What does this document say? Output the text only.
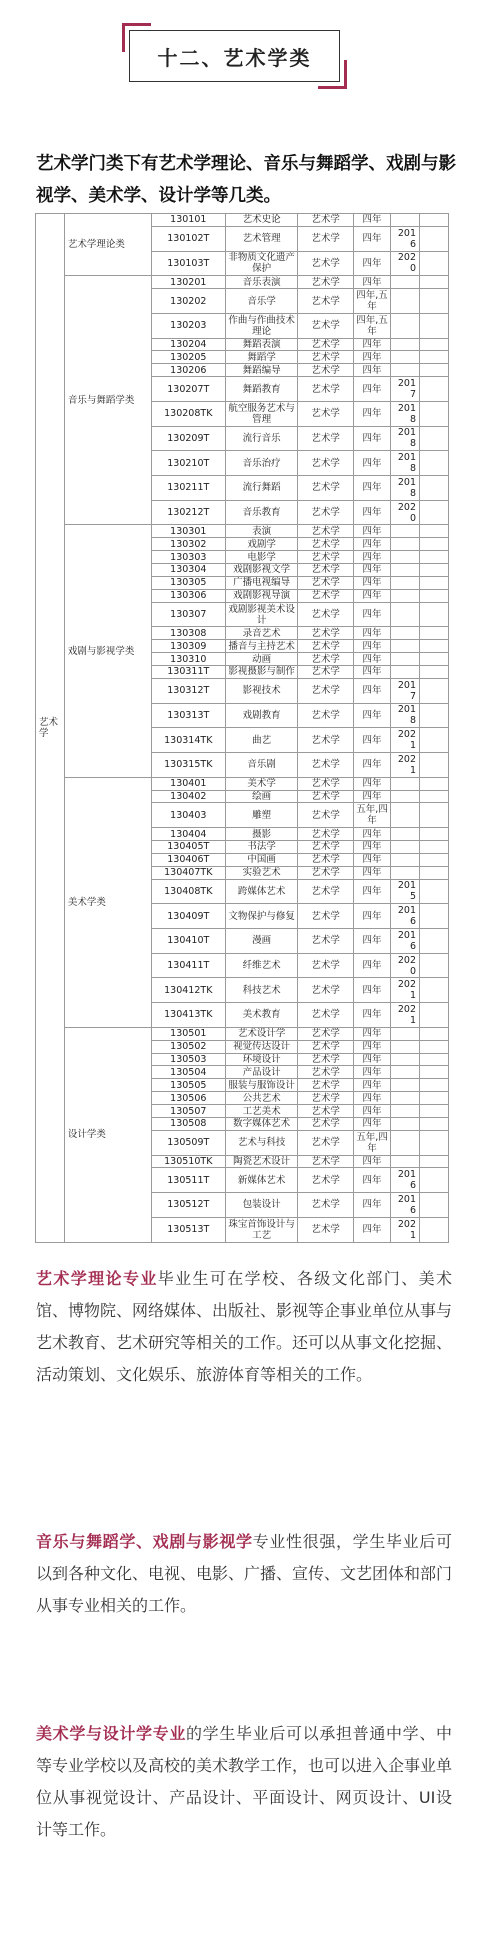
十二、艺术学类
艺术学门类下有艺术学理论、音乐与舞蹈学、戏剧与影视学、美术学、设计学等几类。
艺术学	艺术学理论类	130101	艺术史论	艺术学	四年		
		130102T	艺术管理	艺术学	四年	2016	
		130103T	非物质文化遗产保护	艺术学	四年	2020	
	音乐与舞蹈学类	130201	音乐表演	艺术学	四年		
		130202	音乐学	艺术学	四年,五年		
		130203	作曲与作曲技术理论	艺术学	四年,五年		
		130204	舞蹈表演	艺术学	四年		
		130205	舞蹈学	艺术学	四年		
		130206	舞蹈编导	艺术学	四年		
		130207T	舞蹈教育	艺术学	四年	2017	
		130208TK	航空服务艺术与管理	艺术学	四年	2018	
		130209T	流行音乐	艺术学	四年	2018	
		130210T	音乐治疗	艺术学	四年	2018	
		130211T	流行舞蹈	艺术学	四年	2018	
		130212T	音乐教育	艺术学	四年	2020	
	戏剧与影视学类	130301	表演	艺术学	四年		
		130302	戏剧学	艺术学	四年		
		130303	电影学	艺术学	四年		
		130304	戏剧影视文学	艺术学	四年		
		130305	广播电视编导	艺术学	四年		
		130306	戏剧影视导演	艺术学	四年		
		130307	戏剧影视美术设计	艺术学	四年		
		130308	录音艺术	艺术学	四年		
		130309	播音与主持艺术	艺术学	四年		
		130310	动画	艺术学	四年		
		130311T	影视摄影与制作	艺术学	四年		
		130312T	影视技术	艺术学	四年	2017	
		130313T	戏剧教育	艺术学	四年	2018	
		130314TK	曲艺	艺术学	四年	2021	
		130315TK	音乐剧	艺术学	四年	2021	
	美术学类	130401	美术学	艺术学	四年		
		130402	绘画	艺术学	四年		
		130403	雕塑	艺术学	五年,四年		
		130404	摄影	艺术学	四年		
		130405T	书法学	艺术学	四年		
		130406T	中国画	艺术学	四年		
		130407TK	实验艺术	艺术学	四年		
		130408TK	跨媒体艺术	艺术学	四年	2015	
		130409T	文物保护与修复	艺术学	四年	2016	
		130410T	漫画	艺术学	四年	2016	
		130411T	纤维艺术	艺术学	四年	2020	
		130412TK	科技艺术	艺术学	四年	2021	
		130413TK	美术教育	艺术学	四年	2021	
	设计学类	130501	艺术设计学	艺术学	四年		
		130502	视觉传达设计	艺术学	四年		
		130503	环境设计	艺术学	四年		
		130504	产品设计	艺术学	四年		
		130505	服装与服饰设计	艺术学	四年		
		130506	公共艺术	艺术学	四年		
		130507	工艺美术	艺术学	四年		
		130508	数字媒体艺术	艺术学	四年		
		130509T	艺术与科技	艺术学	五年,四年		
		130510TK	陶瓷艺术设计	艺术学	四年		
		130511T	新媒体艺术	艺术学	四年	2016	
		130512T	包装设计	艺术学	四年	2016	
		130513T	珠宝首饰设计与工艺	艺术学	四年	2021	
艺术学理论专业毕业生可在学校、各级文化部门、美术馆、博物院、网络媒体、出版社、影视等企事业单位从事与艺术教育、艺术研究等相关的工作。还可以从事文化挖掘、活动策划、文化娱乐、旅游体育等相关的工作。
音乐与舞蹈学、戏剧与影视学专业性很强，学生毕业后可以到各种文化、电视、电影、广播、宣传、文艺团体和部门从事专业相关的工作。
美术学与设计学专业的学生毕业后可以承担普通中学、中等专业学校以及高校的美术教学工作，也可以进入企事业单位从事视觉设计、产品设计、平面设计、网页设计、UI设计等工作。
